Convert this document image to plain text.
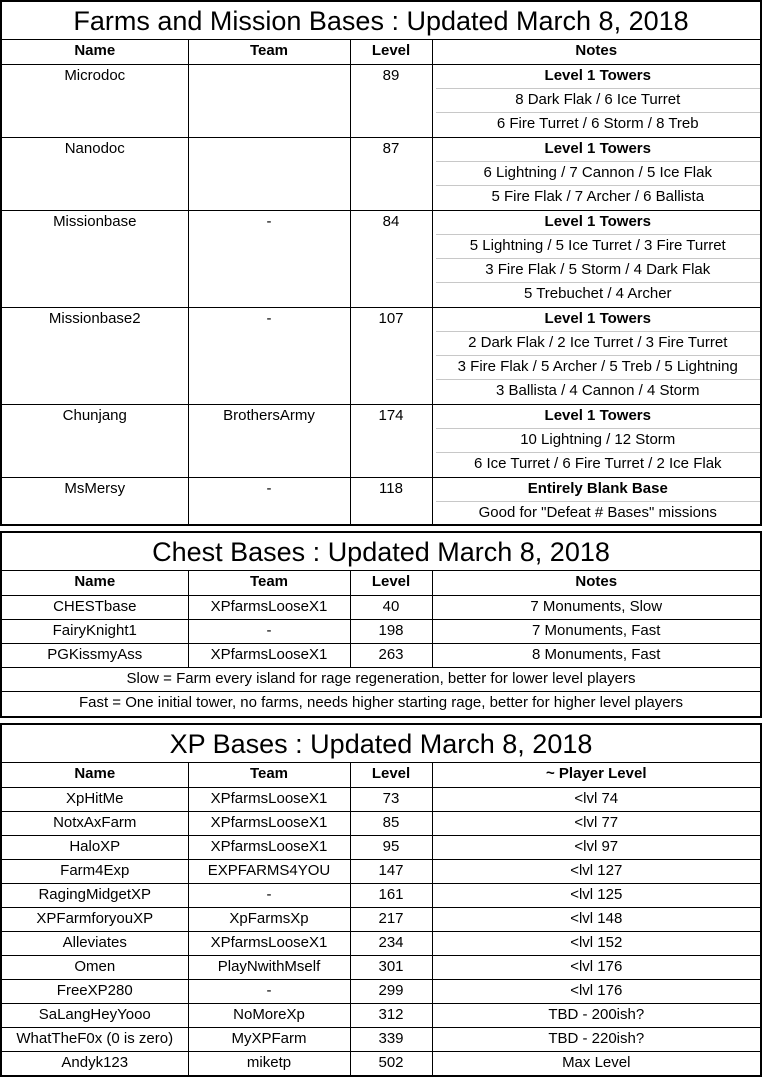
Farms and Mission Bases : Updated March 8, 2018
Name	Team	Level	Notes
Microdoc		89	Level 1 Towers
8 Dark Flak / 6 Ice Turret
6 Fire Turret / 6 Storm / 8 Treb

Nanodoc		87	Level 1 Towers
6 Lightning / 7 Cannon / 5 Ice Flak
5 Fire Flak / 7 Archer / 6 Ballista

Missionbase	-	84	Level 1 Towers
5 Lightning / 5 Ice Turret / 3 Fire Turret
3 Fire Flak / 5 Storm / 4 Dark Flak
5 Trebuchet / 4 Archer

Missionbase2	-	107	Level 1 Towers
2 Dark Flak / 2 Ice Turret / 3 Fire Turret
3 Fire Flak / 5 Archer / 5 Treb / 5 Lightning
3 Ballista / 4 Cannon / 4 Storm

Chunjang	BrothersArmy	174	Level 1 Towers
10 Lightning / 12 Storm
6 Ice Turret / 6 Fire Turret / 2 Ice Flak

MsMersy	-	118	Entirely Blank Base
Good for "Defeat # Bases" missions
Chest Bases : Updated March 8, 2018
Name	Team	Level	Notes
CHESTbase	XPfarmsLooseX1	40	7 Monuments, Slow
FairyKnight1	-	198	7 Monuments, Fast
PGKissmyAss	XPfarmsLooseX1	263	8 Monuments, Fast
Slow = Farm every island for rage regeneration, better for lower level players			
Fast = One initial tower, no farms, needs higher starting rage, better for higher level players			
XP Bases : Updated March 8, 2018
Name	Team	Level	~ Player Level
XpHitMe	XPfarmsLooseX1	73	<lvl 74
NotxAxFarm	XPfarmsLooseX1	85	<lvl 77
HaloXP	XPfarmsLooseX1	95	<lvl 97
Farm4Exp	EXPFARMS4YOU	147	<lvl 127
RagingMidgetXP	-	161	<lvl 125
XPFarmforyouXP	XpFarmsXp	217	<lvl 148
Alleviates	XPfarmsLooseX1	234	<lvl 152
Omen	PlayNwithMself	301	<lvl 176
FreeXP280	-	299	<lvl 176
SaLangHeyYooo	NoMoreXp	312	TBD - 200ish?
WhatTheF0x (0 is zero)	MyXPFarm	339	TBD - 220ish?
Andyk123	miketp	502	Max Level
